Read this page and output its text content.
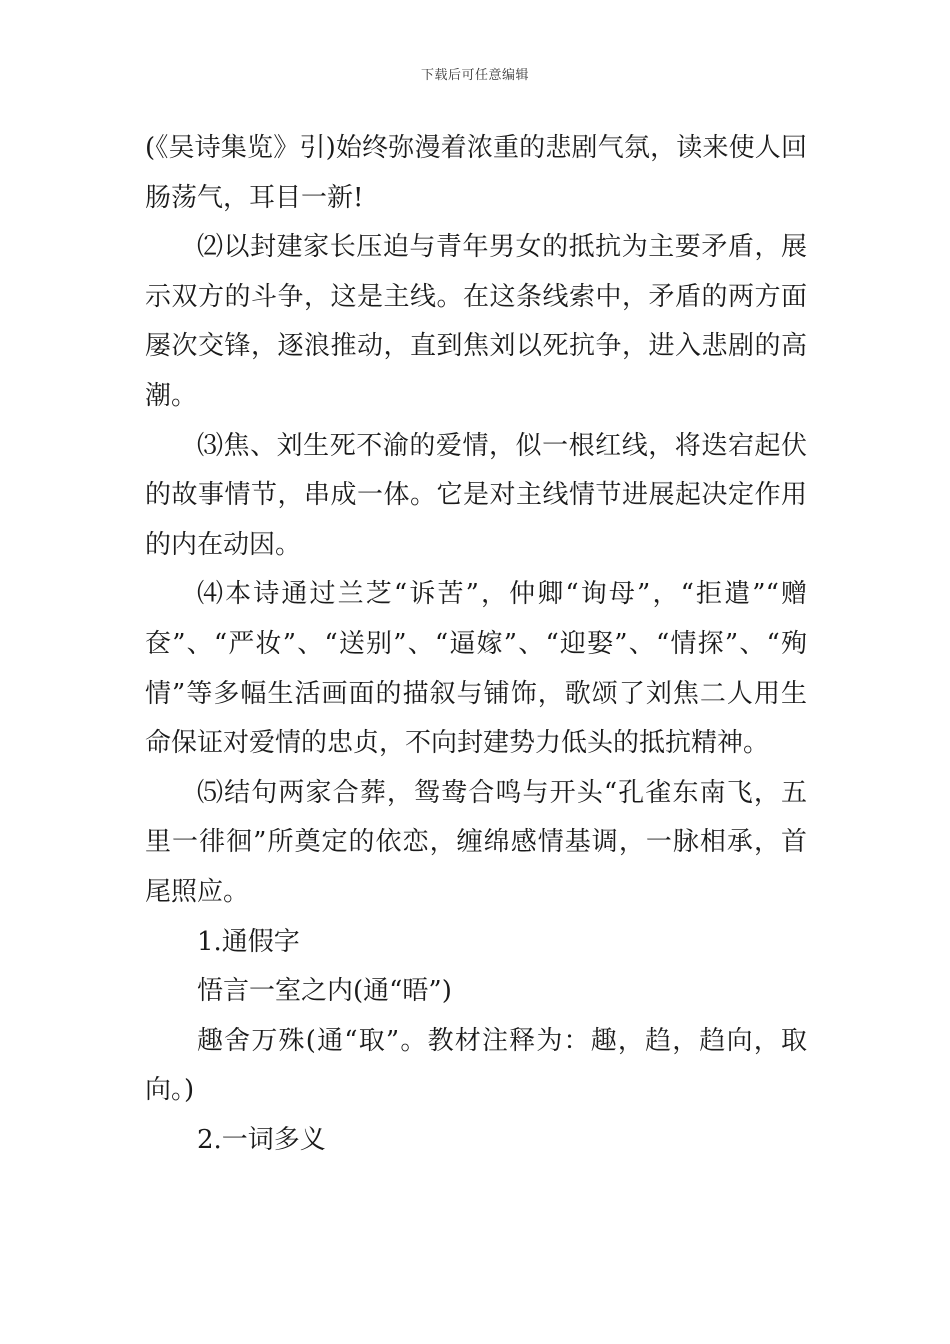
下载后可任意编辑

(《吴诗集览》引)始终弥漫着浓重的悲剧气氛，读来使人回肠荡气，耳目一新!

⑵以封建家长压迫与青年男女的抵抗为主要矛盾，展示双方的斗争，这是主线。在这条线索中，矛盾的两方面屡次交锋，逐浪推动，直到焦刘以死抗争，进入悲剧的高潮。

⑶焦、刘生死不渝的爱情，似一根红线，将迭宕起伏的故事情节，串成一体。它是对主线情节进展起决定作用的内在动因。

⑷本诗通过兰芝“诉苦”，仲卿“询母”，“拒遣”“赠奁”、“严妆”、“送别”、“逼嫁”、“迎娶”、“情探”、“殉情”等多幅生活画面的描叙与铺饰，歌颂了刘焦二人用生命保证对爱情的忠贞，不向封建势力低头的抵抗精神。

⑸结句两家合葬，鸳鸯合鸣与开头“孔雀东南飞，五里一徘徊”所奠定的依恋，缠绵感情基调，一脉相承，首尾照应。

1.通假字

悟言一室之内(通“晤”)

趣舍万殊(通“取”。教材注释为：趣，趋，趋向，取向。)

2.一词多义
